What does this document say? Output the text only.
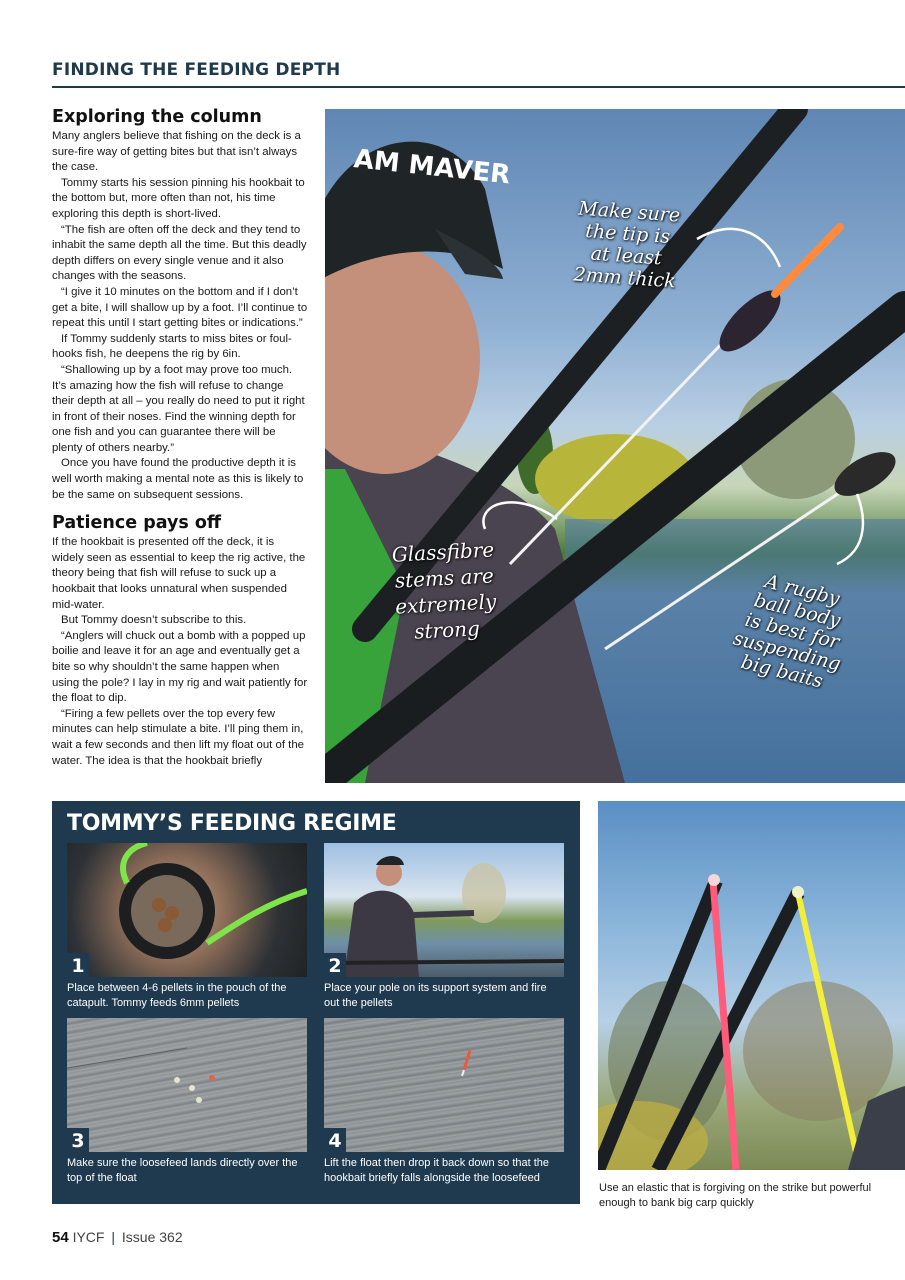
FINDING THE FEEDING DEPTH
Exploring the column

Many anglers believe that fishing on the deck is a sure-fire way of getting bites but that isn’t always the case.

Tommy starts his session pinning his hookbait to the bottom but, more often than not, his time exploring this depth is short-lived.

“The fish are often off the deck and they tend to inhabit the same depth all the time. But this deadly depth differs on every single venue and it also changes with the seasons.

“I give it 10 minutes on the bottom and if I don’t get a bite, I will shallow up by a foot. I’ll continue to repeat this until I start getting bites or indications.”

If Tommy suddenly starts to miss bites or foul-hooks fish, he deepens the rig by 6in.

“Shallowing up by a foot may prove too much. It’s amazing how the fish will refuse to change their depth at all – you really do need to put it right in front of their noses. Find the winning depth for one fish and you can guarantee there will be plenty of others nearby.”

Once you have found the productive depth it is well worth making a mental note as this is likely to be the same on subsequent sessions.

Patience pays off

If the hookbait is presented off the deck, it is widely seen as essential to keep the rig active, the theory being that fish will refuse to suck up a hookbait that looks unnatural when suspended mid-water.

But Tommy doesn’t subscribe to this.

“Anglers will chuck out a bomb with a popped up boilie and leave it for an age and eventually get a bite so why shouldn’t the same happen when using the pole? I lay in my rig and wait patiently for the float to dip.

“Firing a few pellets over the top every few minutes can help stimulate a bite. I’ll ping them in, wait a few seconds and then lift my float out of the water. The idea is that the hookbait briefly

AM MAVER
Make sure
the tip is
at least
2mm thick
Glassfibre
stems are
extremely
strong
A rugby
ball body
is best for
suspending
big baits
TOMMY’S FEEDING REGIME
1
Place between 4-6 pellets in the pouch of the catapult. Tommy feeds 6mm pellets
2
Place your pole on its support system and fire out the pellets
3
Make sure the loosefeed lands directly over the top of the float
4
Lift the float then drop it back down so that the hookbait briefly falls alongside the loosefeed
Use an elastic that is forgiving on the strike but powerful enough to bank big carp quickly
54 IYCF | Issue 362
